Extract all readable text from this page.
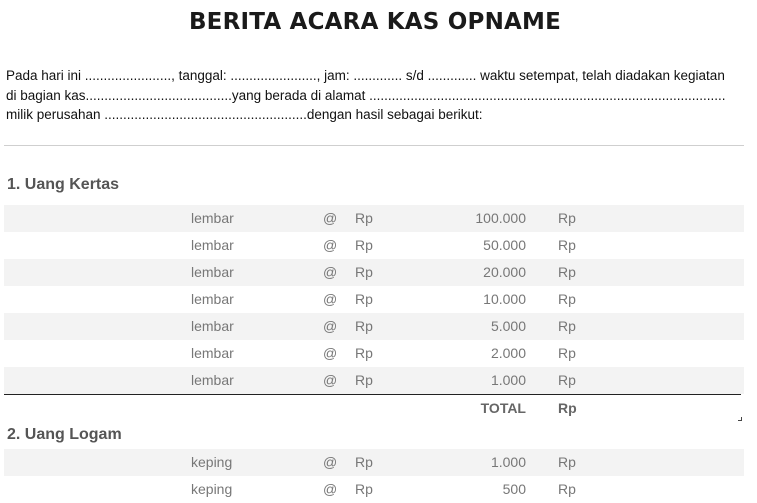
BERITA ACARA KAS OPNAME
Pada hari ini ......................., tanggal: ......................., jam: ............. s/d ............. waktu setempat, telah diadakan kegiatan
di bagian kas.......................................yang berada di alamat ...............................................................................................
milik perusahan ......................................................dengan hasil sebagai berikut:
1. Uang Kertas
lembar	@ Rp	100.000 Rp
lembar	@ Rp	50.000 Rp
lembar	@ Rp	20.000 Rp
lembar	@ Rp	10.000 Rp
lembar	@ Rp	5.000 Rp
lembar	@ Rp	2.000 Rp
lembar	@ Rp	1.000 Rp
TOTAL Rp
2. Uang Logam
keping	@ Rp	1.000 Rp
keping	@ Rp	500 Rp
